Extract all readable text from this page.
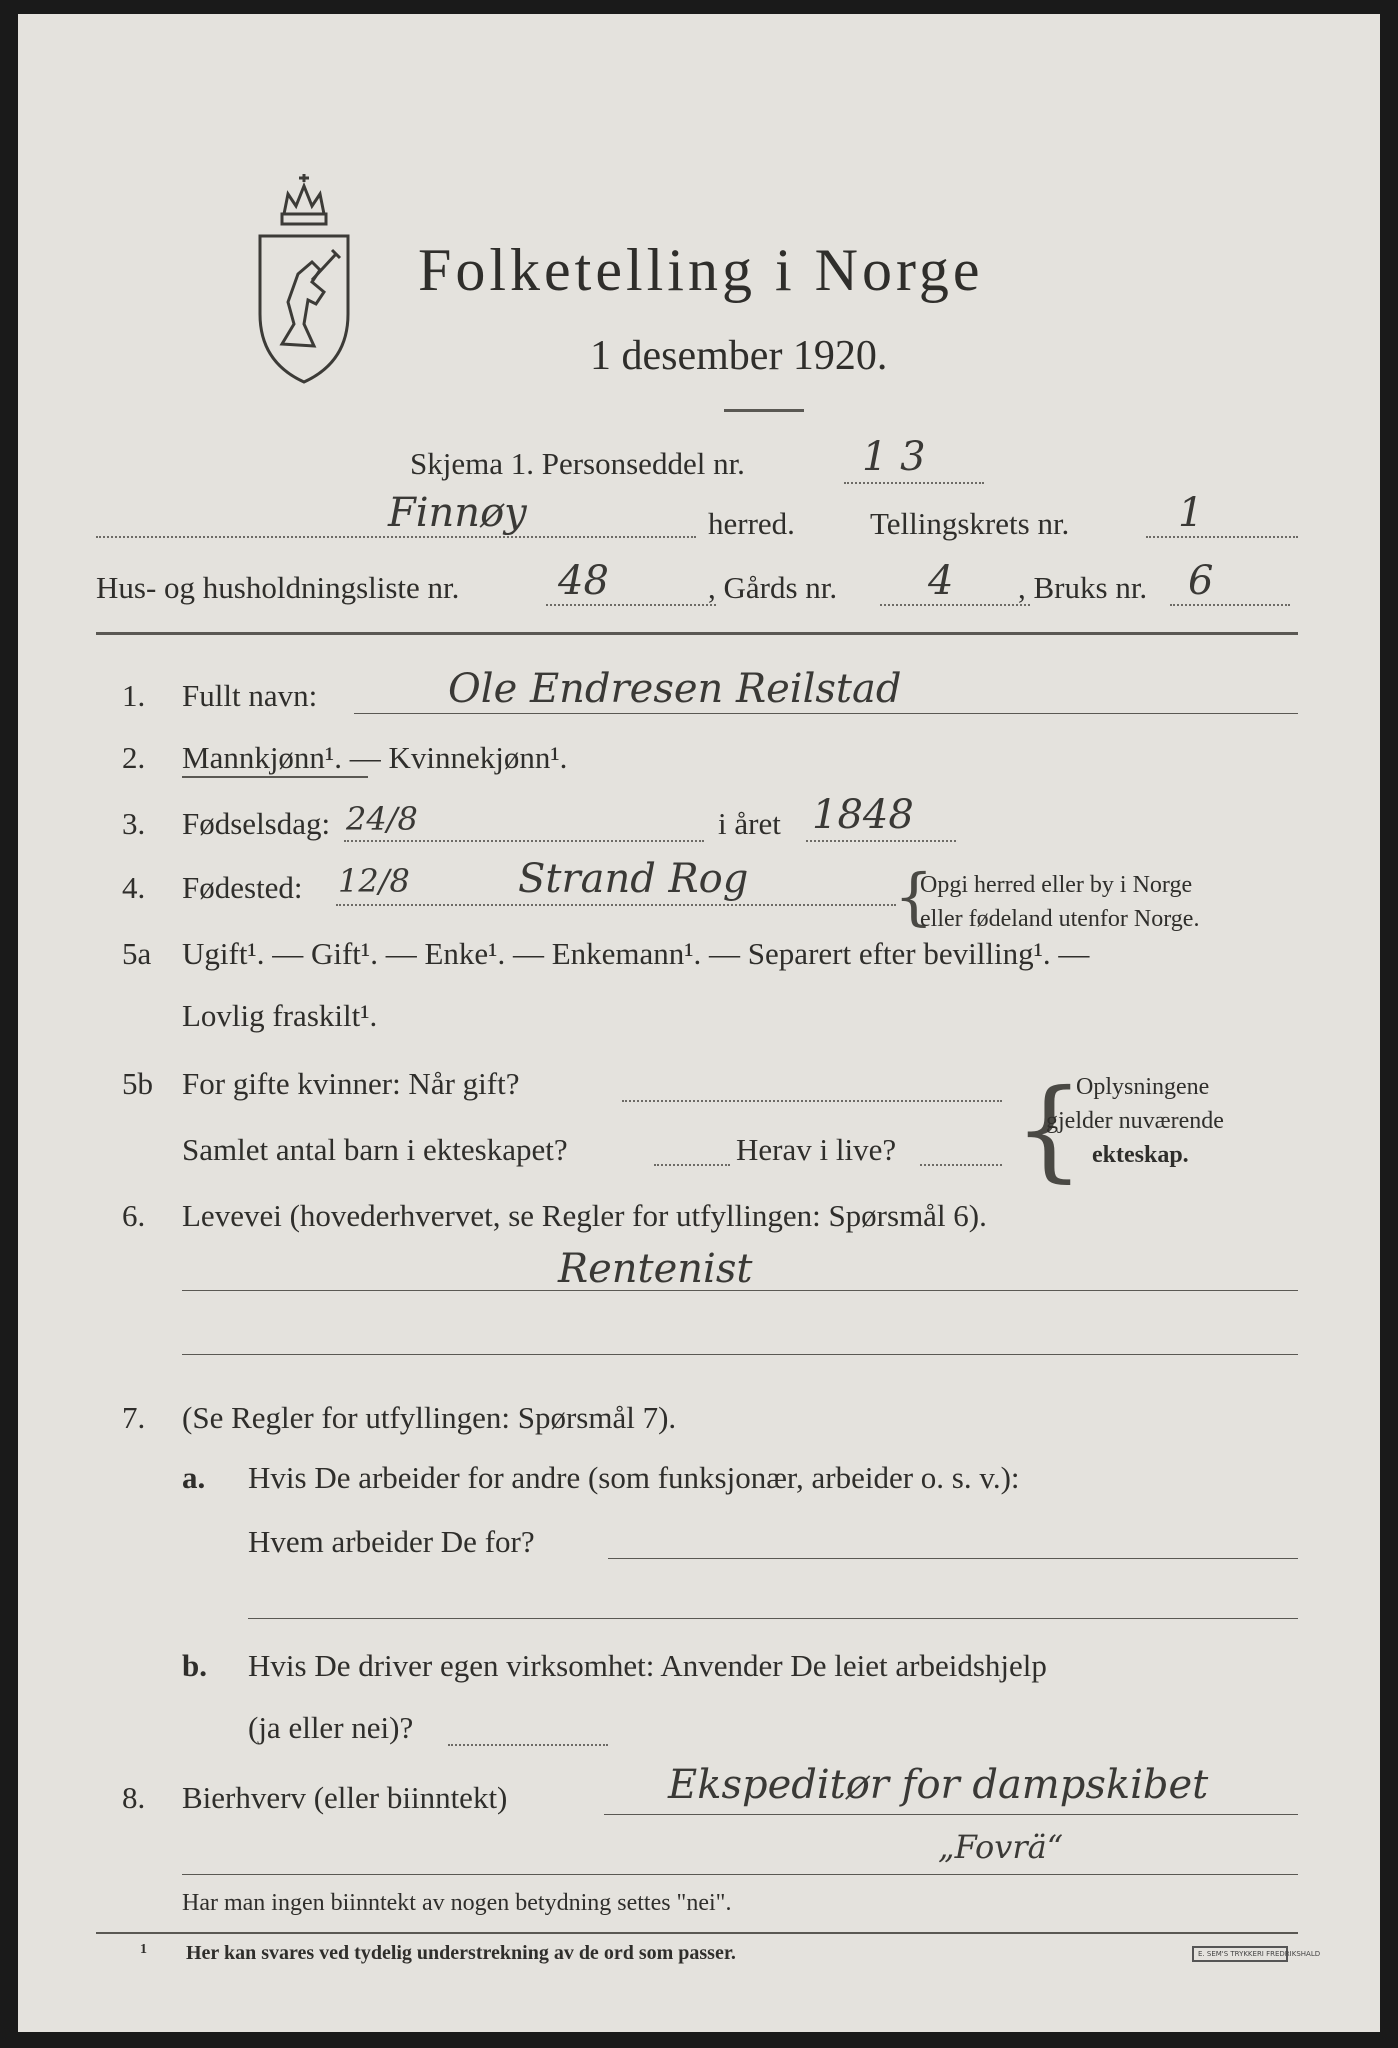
Folketelling i Norge
1 desember 1920.
Skjema 1. Personseddel nr.	1 3
Finnøy	herred. Tellingskrets nr.	1
Hus- og husholdningsliste nr. 48	, Gårds nr. 4 , Bruks nr. 6
1. Fullt navn:	Ole Endresen Reilstad
2. Mannkjønn¹. — Kvinnekjønn¹.
3. Fødselsdag: 24/8	i året 1848
4. Fødested: 12/8	Strand Rog {
Opgi herred eller by i Norge
eller fødeland utenfor Norge.
5a Ugift¹. — Gift¹. — Enke¹. — Enkemann¹. — Separert efter bevilling¹. —
Lovlig fraskilt¹.
5b For gifte kvinner: Når gift?
Samlet antal barn i ekteskapet?	Herav i live? {
Oplysningene
gjelder nuværende
ekteskap.
6. Levevei (hovederhvervet, se Regler for utfyllingen: Spørsmål 6).
Rentenist
7. (Se Regler for utfyllingen: Spørsmål 7).
a. Hvis De arbeider for andre (som funksjonær, arbeider o. s. v.):
Hvem arbeider De for?
b. Hvis De driver egen virksomhet: Anvender De leiet arbeidshjelp
(ja eller nei)?
8. Bierhverv (eller biinntekt)	Ekspeditør for dampskibet
„Fovrä“
Har man ingen biinntekt av nogen betydning settes "nei".
1 Her kan svares ved tydelig understrekning av de ord som passer.	E. SEM'S TRYKKERI FREDRIKSHALD
